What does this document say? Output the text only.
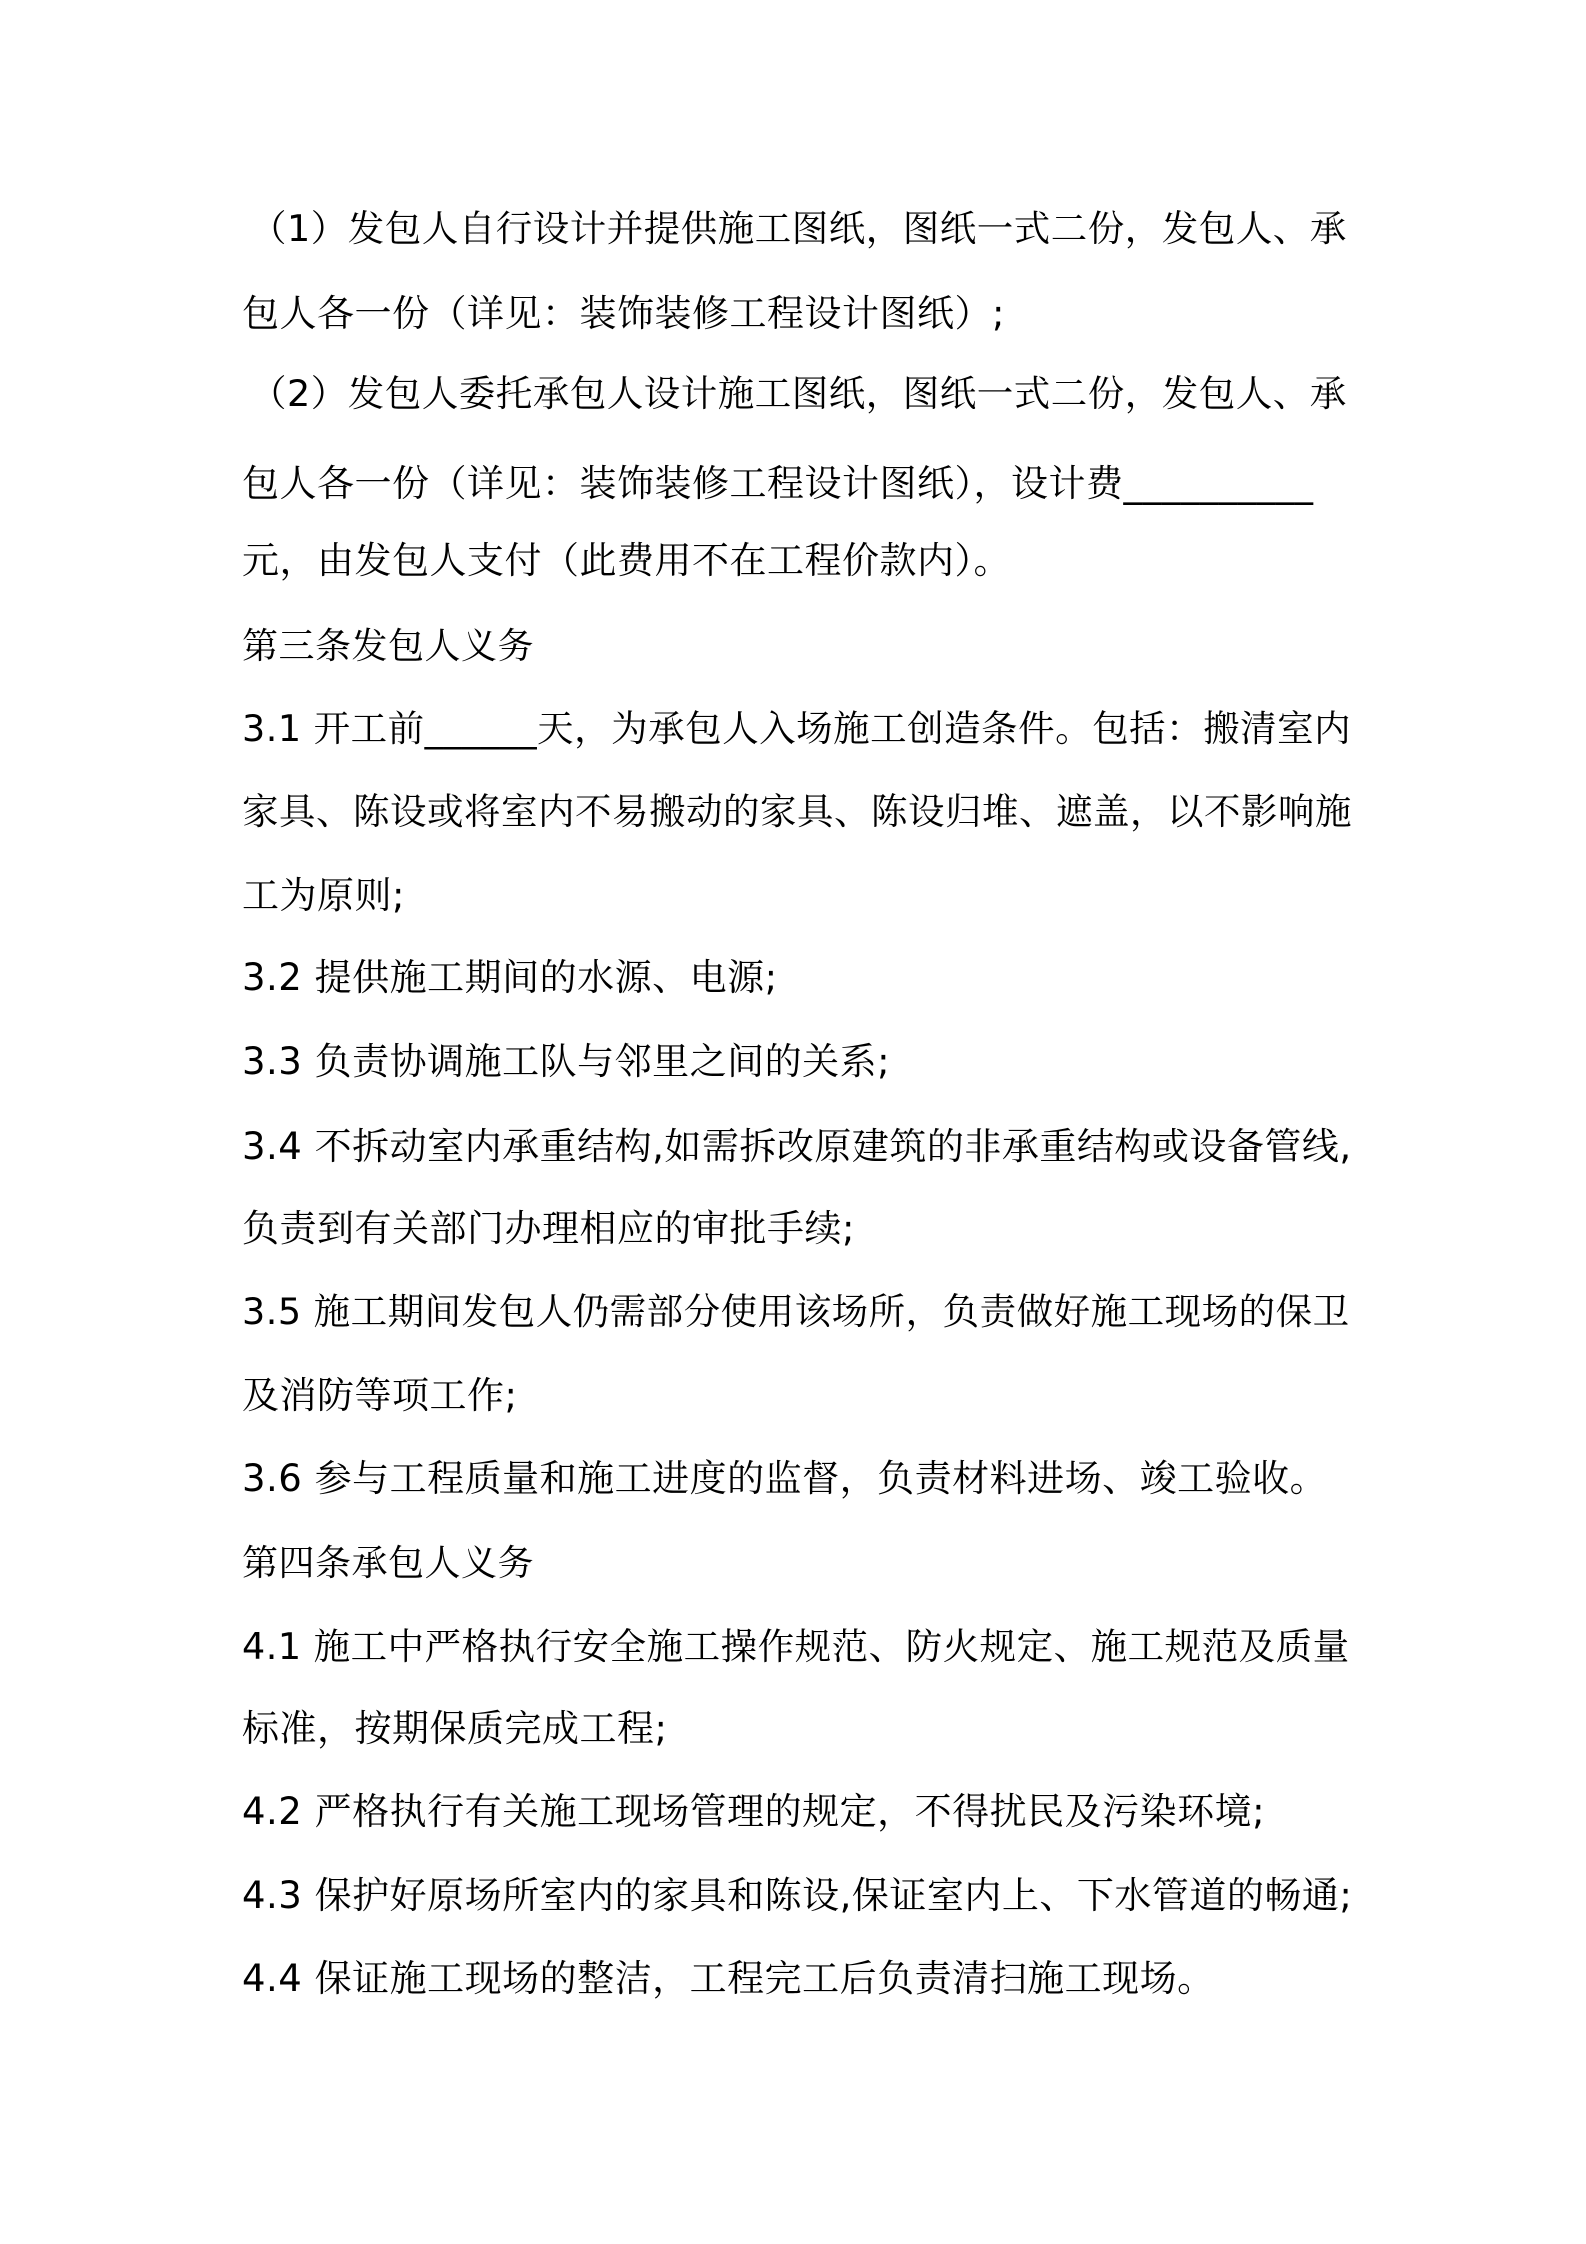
（1）发包人自行设计并提供施工图纸，图纸一式二份，发包人、承

包人各一份（详见：装饰装修工程设计图纸）;

（2）发包人委托承包人设计施工图纸，图纸一式二份，发包人、承

包人各一份（详见：装饰装修工程设计图纸），设计费__________

元，由发包人支付（此费用不在工程价款内）。

第三条发包人义务

3.1 开工前______天，为承包人入场施工创造条件。包括：搬清室内

家具、陈设或将室内不易搬动的家具、陈设归堆、遮盖，以不影响施

工为原则;

3.2 提供施工期间的水源、电源;

3.3 负责协调施工队与邻里之间的关系;

3.4 不拆动室内承重结构,如需拆改原建筑的非承重结构或设备管线,

负责到有关部门办理相应的审批手续;

3.5 施工期间发包人仍需部分使用该场所，负责做好施工现场的保卫

及消防等项工作;

3.6 参与工程质量和施工进度的监督，负责材料进场、竣工验收。

第四条承包人义务

4.1 施工中严格执行安全施工操作规范、防火规定、施工规范及质量

标准，按期保质完成工程;

4.2 严格执行有关施工现场管理的规定，不得扰民及污染环境;

4.3 保护好原场所室内的家具和陈设,保证室内上、下水管道的畅通;

4.4 保证施工现场的整洁，工程完工后负责清扫施工现场。
